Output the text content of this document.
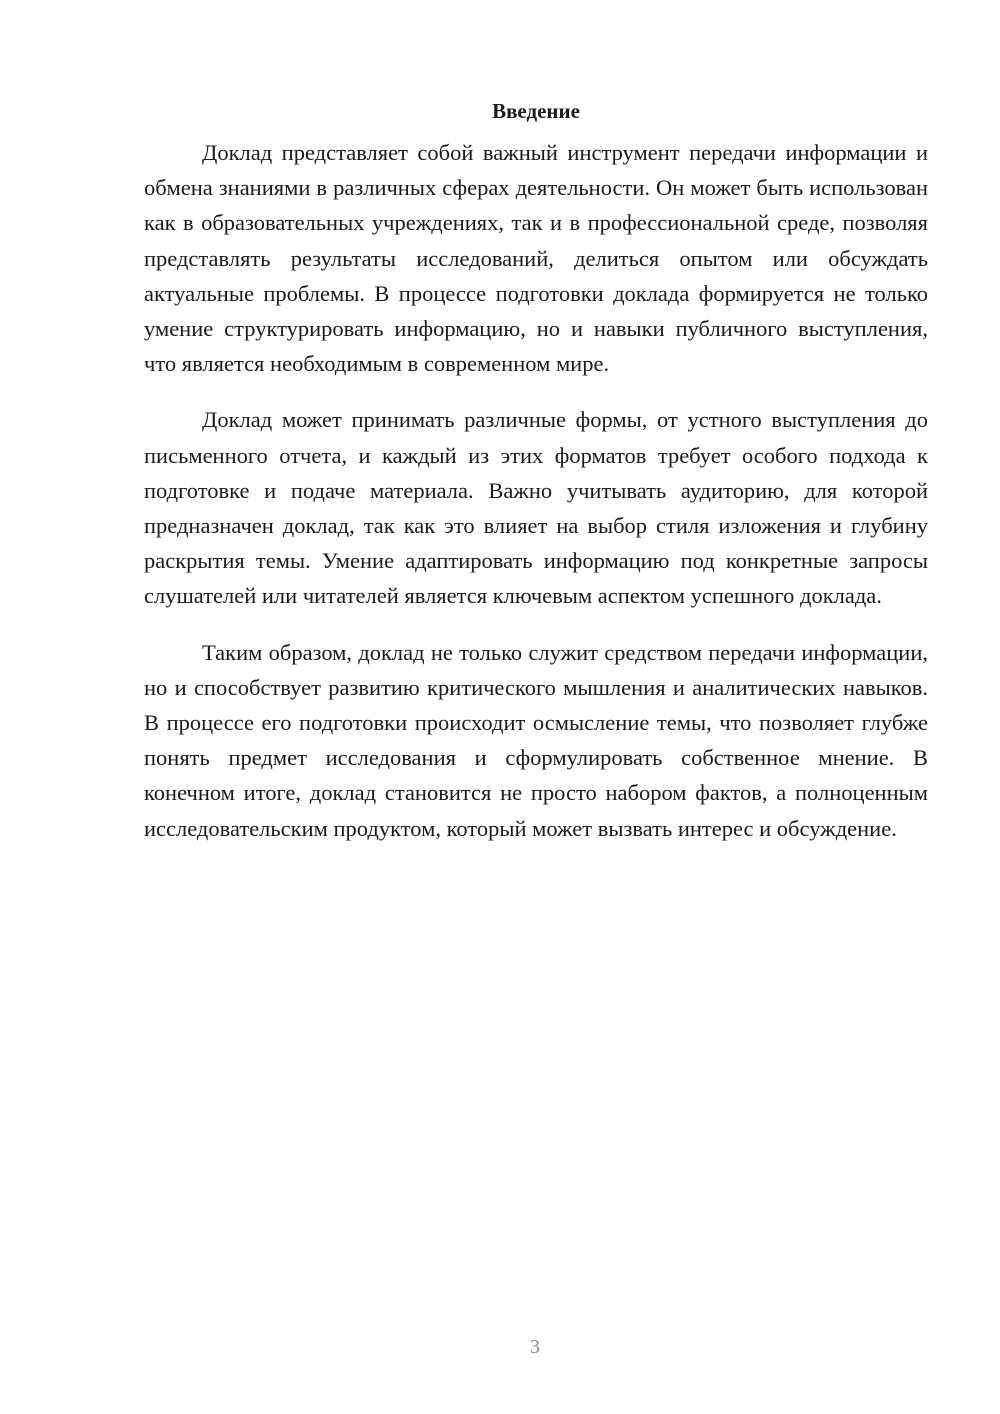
Введение

Доклад представляет собой важный инструмент передачи информации и обмена знаниями в различных сферах деятельности. Он может быть использован как в образовательных учреждениях, так и в профессиональной среде, позволяя представлять результаты исследований, делиться опытом или обсуждать актуальные проблемы. В процессе подготовки доклада формируется не только умение структурировать информацию, но и навыки публичного выступления, что является необходимым в современном мире.

Доклад может принимать различные формы, от устного выступления до письменного отчета, и каждый из этих форматов требует особого подхода к подготовке и подаче материала. Важно учитывать аудиторию, для которой предназначен доклад, так как это влияет на выбор стиля изложения и глубину раскрытия темы. Умение адаптировать информацию под конкретные запросы слушателей или читателей является ключевым аспектом успешного доклада.

Таким образом, доклад не только служит средством передачи информации, но и способствует развитию критического мышления и аналитических навыков. В процессе его подготовки происходит осмысление темы, что позволяет глубже понять предмет исследования и сформулировать собственное мнение. В конечном итоге, доклад становится не просто набором фактов, а полноценным исследовательским продуктом, который может вызвать интерес и обсуждение.

3
